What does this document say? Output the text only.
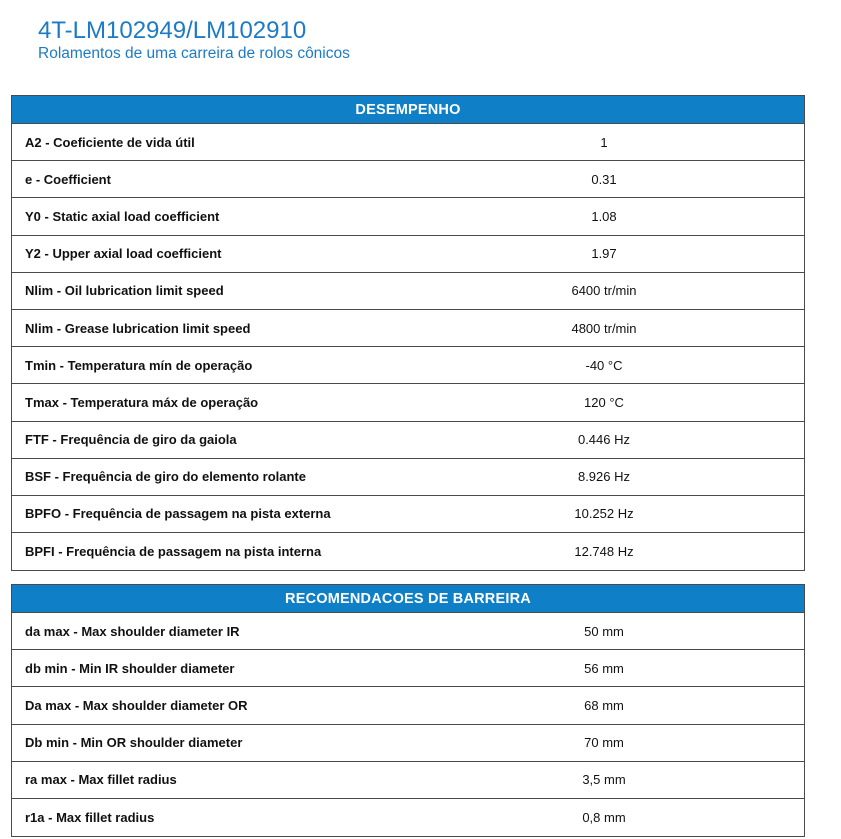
4T-LM102949/LM102910
Rolamentos de uma carreira de rolos cônicos
DESEMPENHO
A2 - Coeficiente de vida útil	1
e - Coefficient	0.31
Y0 - Static axial load coefficient	1.08
Y2 - Upper axial load coefficient	1.97
Nlim - Oil lubrication limit speed	6400 tr/min
Nlim - Grease lubrication limit speed	4800 tr/min
Tmin - Temperatura mín de operação	-40 °C
Tmax - Temperatura máx de operação	120 °C
FTF - Frequência de giro da gaiola	0.446 Hz
BSF - Frequência de giro do elemento rolante	8.926 Hz
BPFO - Frequência de passagem na pista externa	10.252 Hz
BPFI - Frequência de passagem na pista interna	12.748 Hz
RECOMENDACOES DE BARREIRA
da max - Max shoulder diameter IR	50 mm
db min - Min IR shoulder diameter	56 mm
Da max - Max shoulder diameter OR	68 mm
Db min - Min OR shoulder diameter	70 mm
ra max - Max fillet radius	3,5 mm
r1a - Max fillet radius	0,8 mm
